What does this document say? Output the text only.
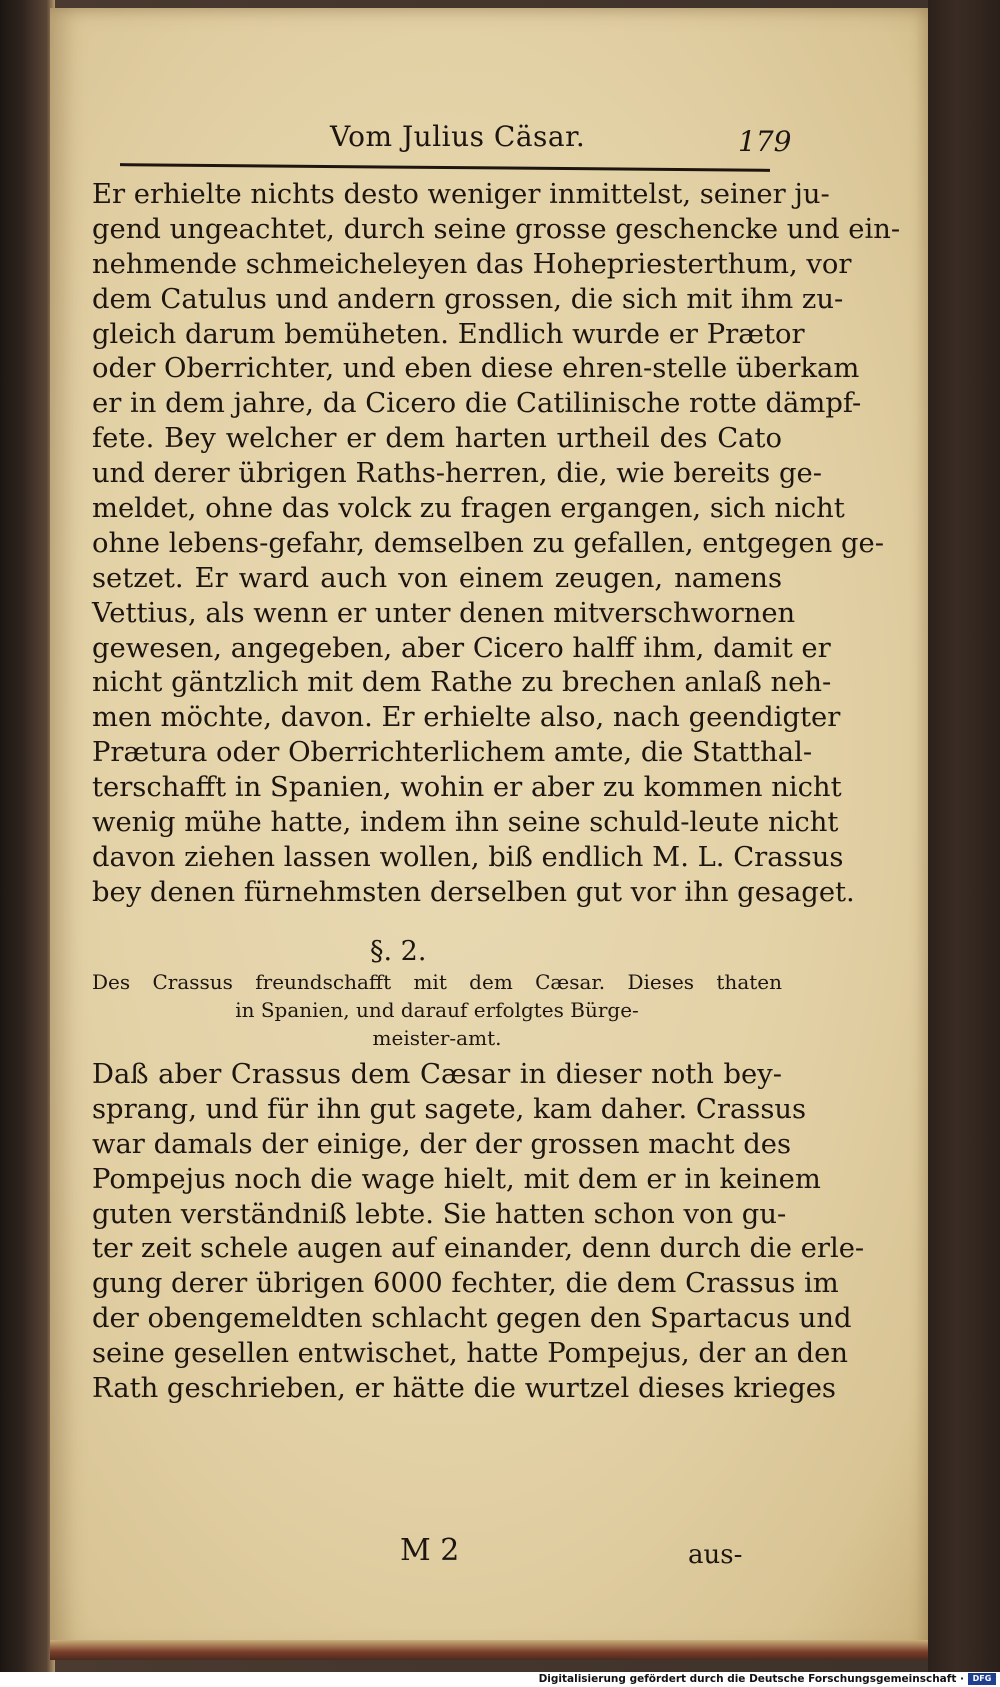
Vom Julius Cäsar.	179
Er erhielte nichts desto weniger inmittelst, seiner ju-
gend ungeachtet, durch seine grosse geschencke und ein-
nehmende schmeicheleyen das Hohepriesterthum, vor
dem Catulus und andern grossen, die sich mit ihm zu-
gleich darum bemüheten. Endlich wurde er Prætor
oder Oberrichter, und eben diese ehren-stelle überkam
er in dem jahre, da Cicero die Catilinische rotte dämpf-
fete. Bey welcher er dem harten urtheil des Cato
und derer übrigen Raths-herren, die, wie bereits ge-
meldet, ohne das volck zu fragen ergangen, sich nicht
ohne lebens-gefahr, demselben zu gefallen, entgegen ge-
setzet. Er ward auch von einem zeugen, namens
Vettius, als wenn er unter denen mitverschwornen
gewesen, angegeben, aber Cicero halff ihm, damit er
nicht gäntzlich mit dem Rathe zu brechen anlaß neh-
men möchte, davon. Er erhielte also, nach geendigter
Prætura oder Oberrichterlichem amte, die Statthal-
terschafft in Spanien, wohin er aber zu kommen nicht
wenig mühe hatte, indem ihn seine schuld-leute nicht
davon ziehen lassen wollen, biß endlich M. L. Crassus
bey denen fürnehmsten derselben gut vor ihn gesaget.
§. 2.
Des Crassus freundschafft mit dem Cæsar. Dieses thaten
in Spanien, und darauf erfolgtes Bürge-
meister-amt.
Daß aber Crassus dem Cæsar in dieser noth bey-
sprang, und für ihn gut sagete, kam daher. Crassus
war damals der einige, der der grossen macht des
Pompejus noch die wage hielt, mit dem er in keinem
guten verständniß lebte. Sie hatten schon von gu-
ter zeit schele augen auf einander, denn durch die erle-
gung derer übrigen 6000 fechter, die dem Crassus im
der obengemeldten schlacht gegen den Spartacus und
seine gesellen entwischet, hatte Pompejus, der an den
Rath geschrieben, er hätte die wurtzel dieses krieges
M 2	aus-
Digitalisierung gefördert durch die Deutsche Forschungsgemeinschaft ·	DFG
